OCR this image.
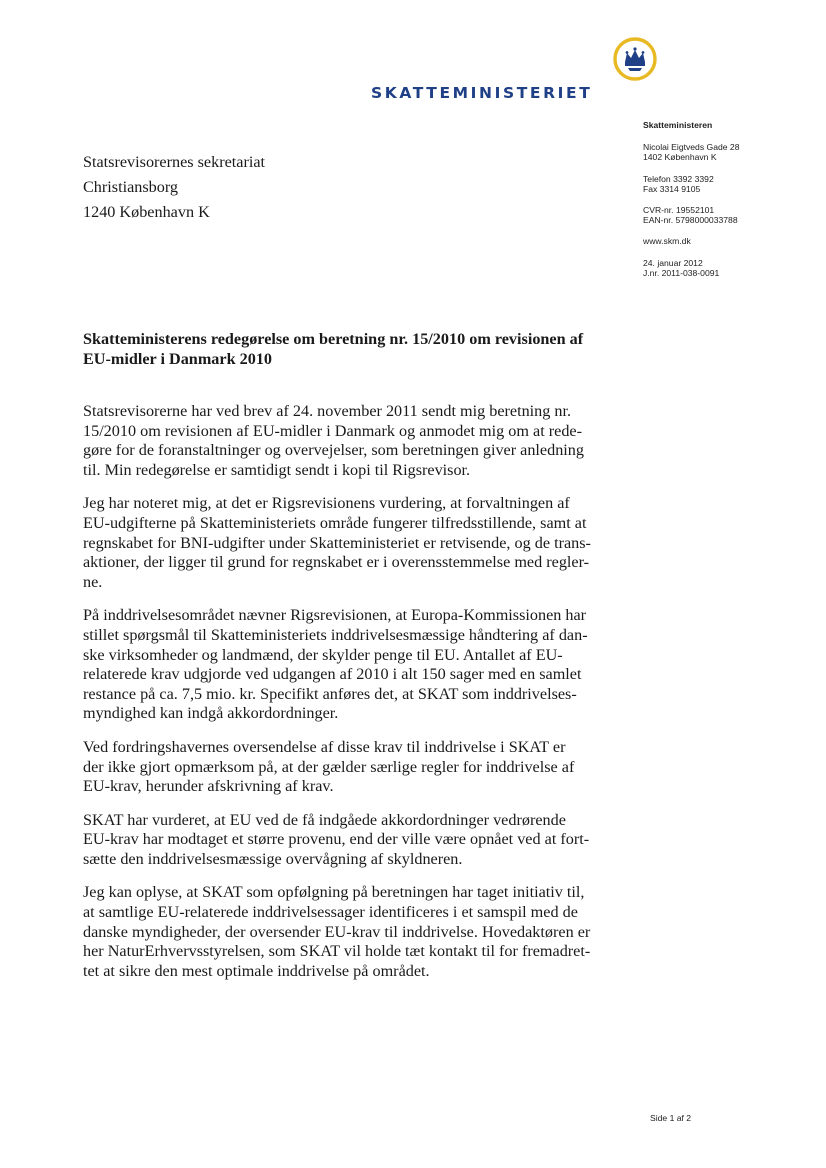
SKATTEMINISTERIET
Skatteministeren
Nicolai Eigtveds Gade 28
1402 København K
Telefon 3392 3392
Fax 3314 9105
CVR-nr. 19552101
EAN-nr. 5798000033788
www.skm.dk
24. januar 2012
J.nr. 2011-038-0091
Statsrevisorernes sekretariat
Christiansborg
1240 København K
Skatteministerens redegørelse om beretning nr. 15/2010 om revisionen af
EU-midler i Danmark 2010
Statsrevisorerne har ved brev af 24. november 2011 sendt mig beretning nr.
15/2010 om revisionen af EU-midler i Danmark og anmodet mig om at rede-
gøre for de foranstaltninger og overvejelser, som beretningen giver anledning
til. Min redegørelse er samtidigt sendt i kopi til Rigsrevisor.
Jeg har noteret mig, at det er Rigsrevisionens vurdering, at forvaltningen af
EU-udgifterne på Skatteministeriets område fungerer tilfredsstillende, samt at
regnskabet for BNI-udgifter under Skatteministeriet er retvisende, og de trans-
aktioner, der ligger til grund for regnskabet er i overensstemmelse med regler-
ne.
På inddrivelsesområdet nævner Rigsrevisionen, at Europa-Kommissionen har
stillet spørgsmål til Skatteministeriets inddrivelsesmæssige håndtering af dan-
ske virksomheder og landmænd, der skylder penge til EU. Antallet af EU-
relaterede krav udgjorde ved udgangen af 2010 i alt 150 sager med en samlet
restance på ca. 7,5 mio. kr. Specifikt anføres det, at SKAT som inddrivelses-
myndighed kan indgå akkordordninger.
Ved fordringshavernes oversendelse af disse krav til inddrivelse i SKAT er
der ikke gjort opmærksom på, at der gælder særlige regler for inddrivelse af
EU-krav, herunder afskrivning af krav.
SKAT har vurderet, at EU ved de få indgåede akkordordninger vedrørende
EU-krav har modtaget et større provenu, end der ville være opnået ved at fort-
sætte den inddrivelsesmæssige overvågning af skyldneren.
Jeg kan oplyse, at SKAT som opfølgning på beretningen har taget initiativ til,
at samtlige EU-relaterede inddrivelsessager identificeres i et samspil med de
danske myndigheder, der oversender EU-krav til inddrivelse. Hovedaktøren er
her NaturErhvervsstyrelsen, som SKAT vil holde tæt kontakt til for fremadret-
tet at sikre den mest optimale inddrivelse på området.
Side 1 af 2
